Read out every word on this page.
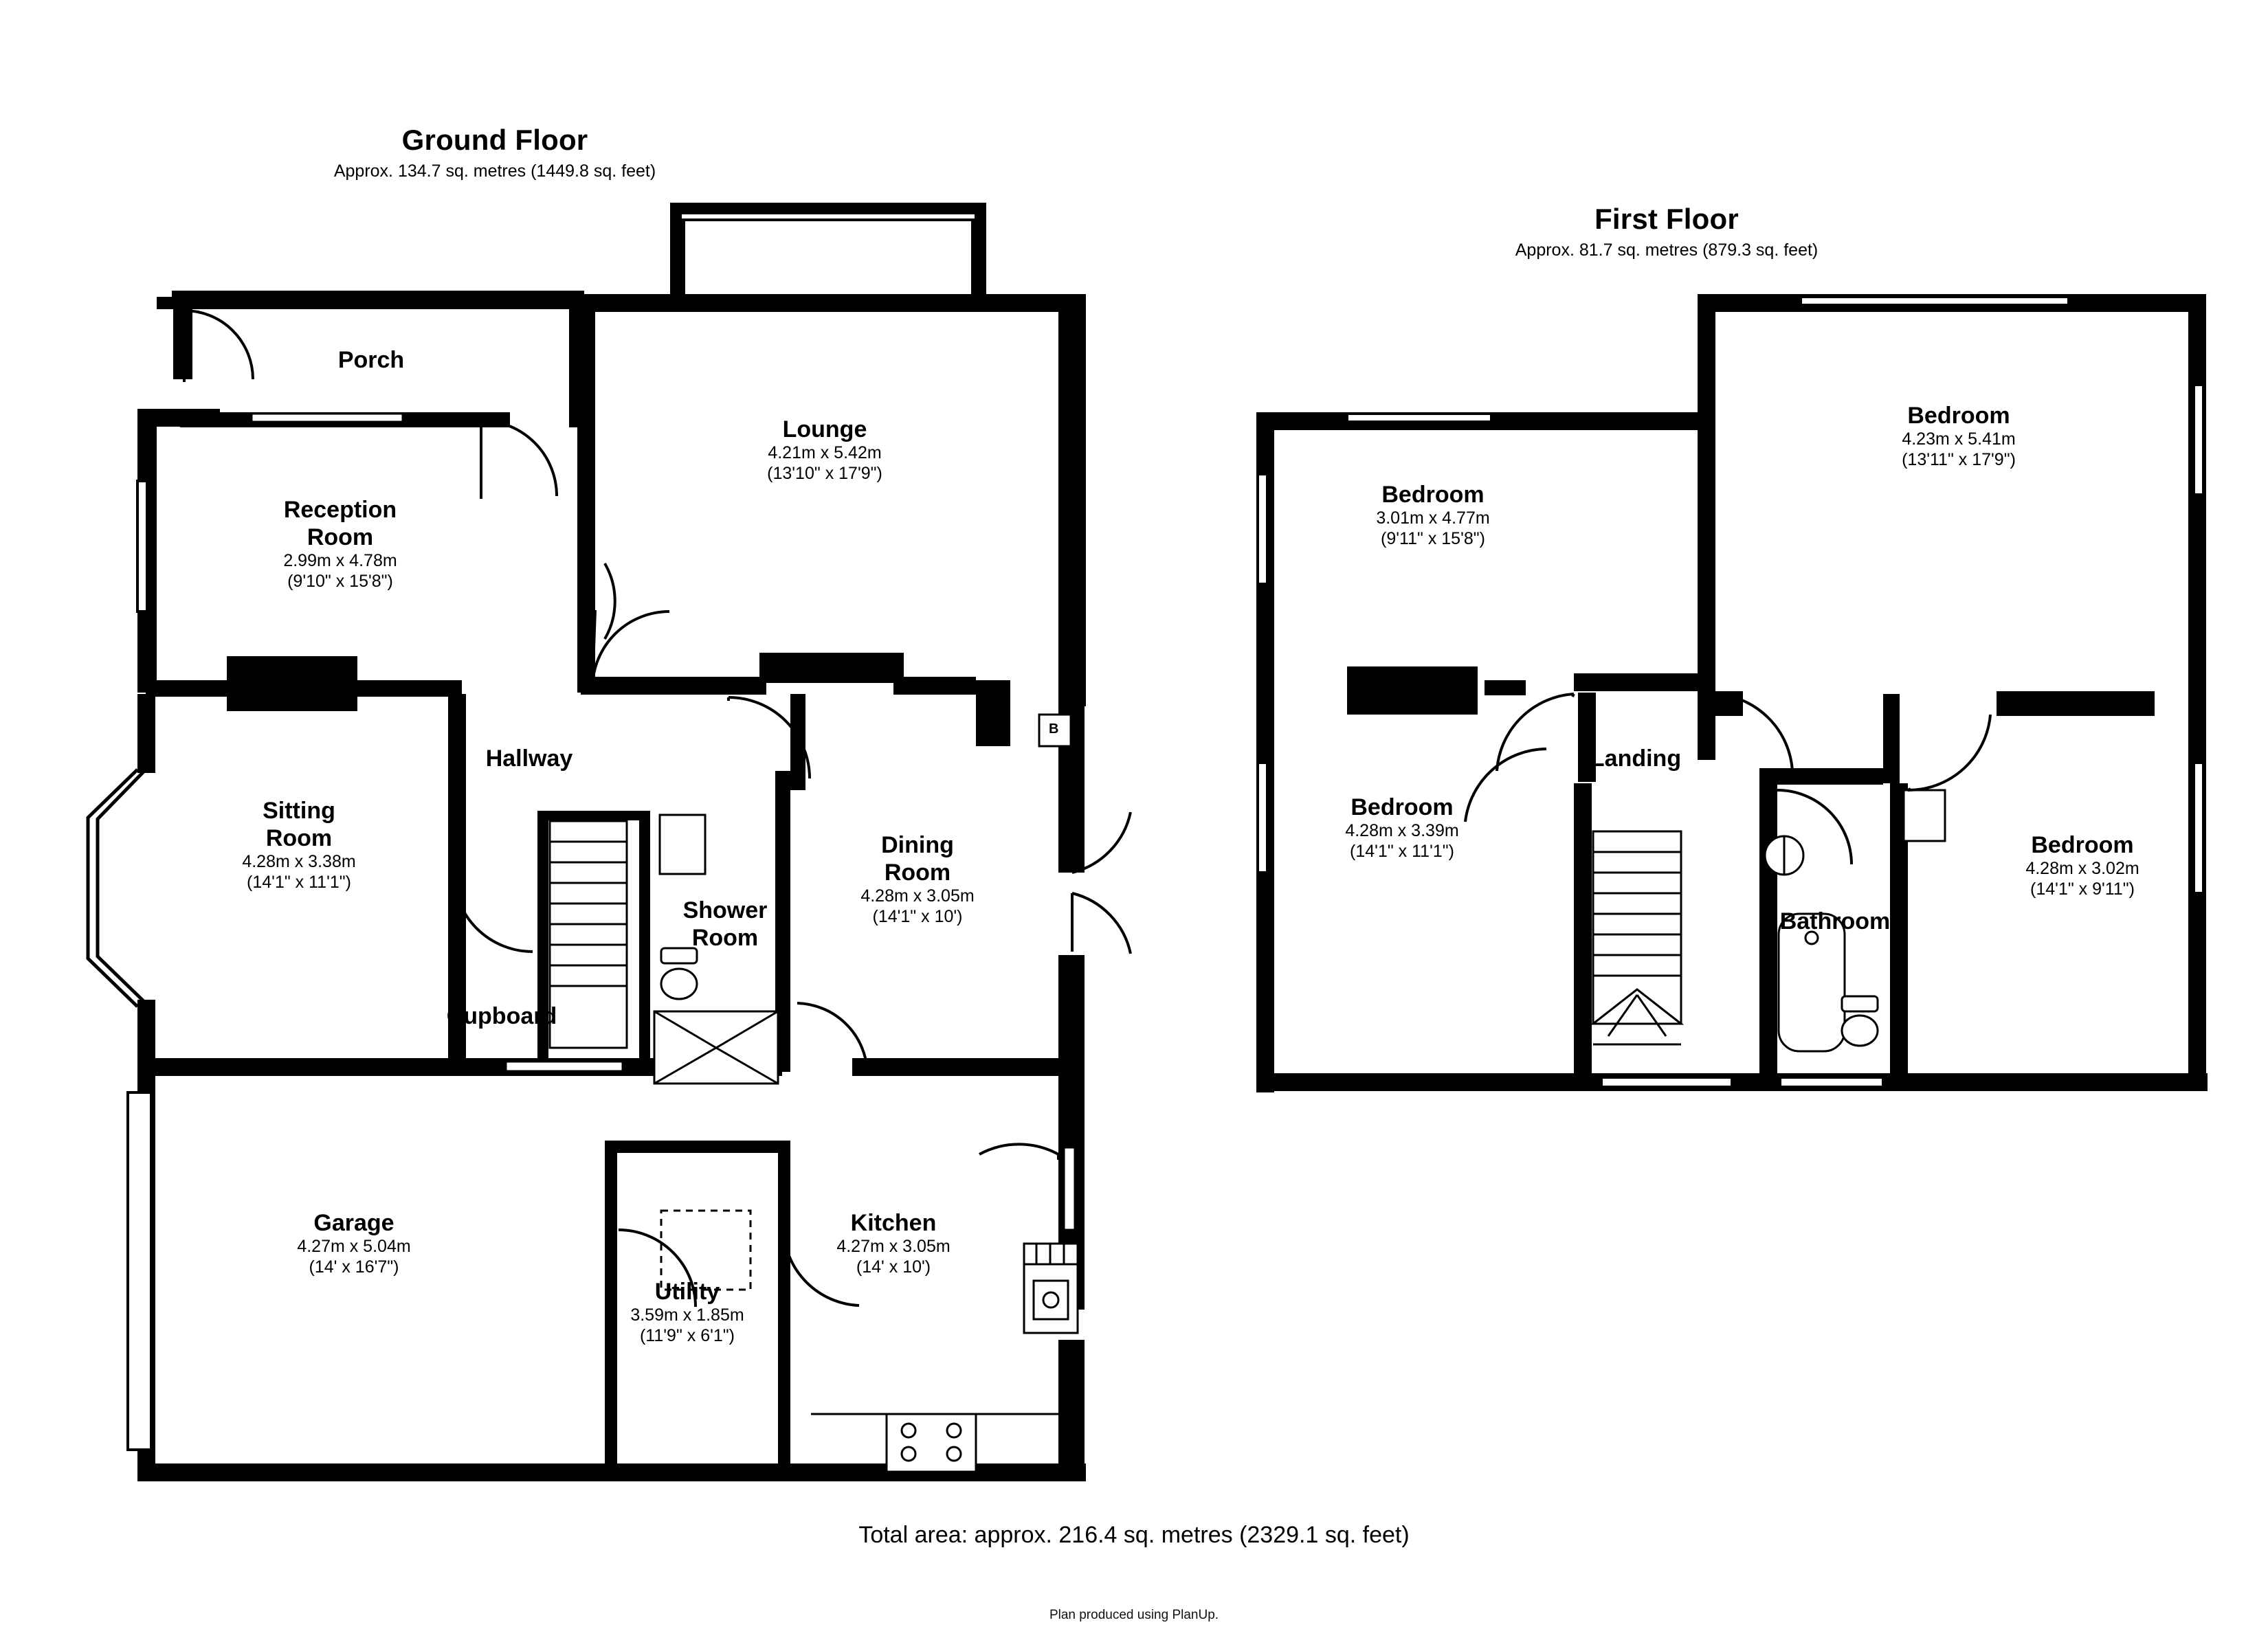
Ground Floor
Approx. 134.7 sq. metres (1449.8 sq. feet)
First Floor
Approx. 81.7 sq. metres (879.3 sq. feet)
Porch
Lounge
4.21m x 5.42m
(13'10" x 17'9")
Reception
Room
2.99m x 4.78m
(9'10" x 15'8")
Hallway
Sitting
Room
4.28m x 3.38m
(14'1" x 11'1")
Shower
Room
Cupboard
Dining
Room
4.28m x 3.05m
(14'1" x 10')
Garage
4.27m x 5.04m
(14' x 16'7")
Utility
3.59m x 1.85m
(11'9" x 6'1")
Kitchen
4.27m x 3.05m
(14' x 10')
B
Bedroom
4.23m x 5.41m
(13'11" x 17'9")
Bedroom
3.01m x 4.77m
(9'11" x 15'8")
Landing
Bedroom
4.28m x 3.39m
(14'1" x 11'1")
Bathroom
Bedroom
4.28m x 3.02m
(14'1" x 9'11")
Total area: approx. 216.4 sq. metres (2329.1 sq. feet)
Plan produced using PlanUp.
